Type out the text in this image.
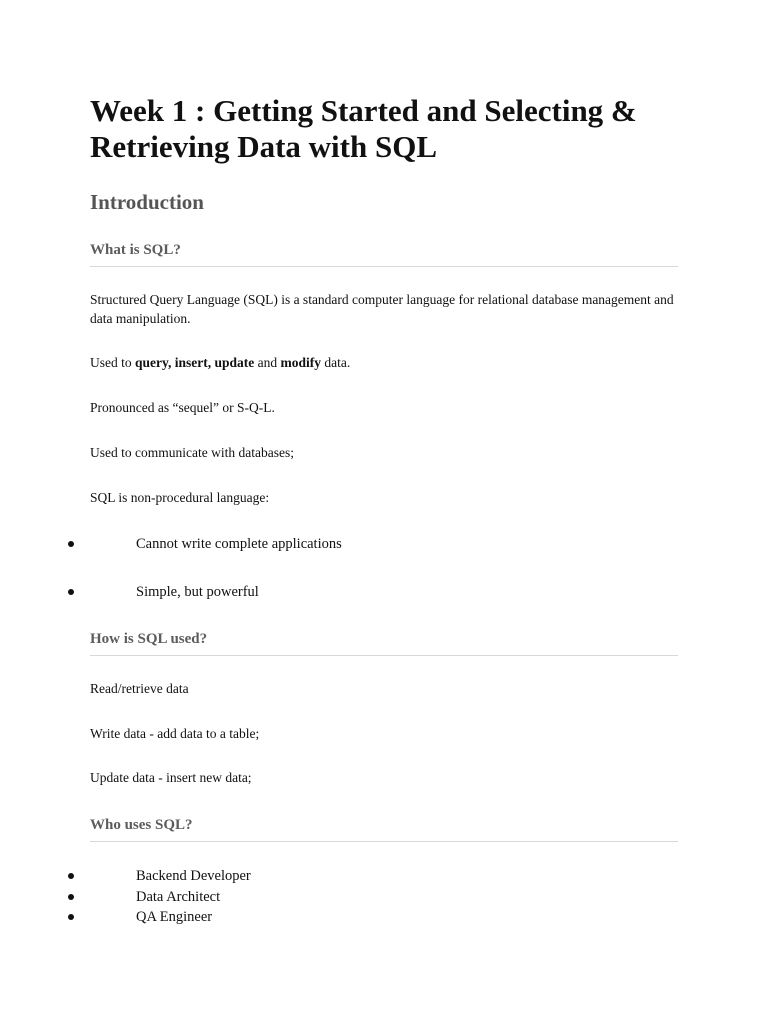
Week 1 : Getting Started and Selecting & Retrieving Data with SQL
Introduction
What is SQL?

Structured Query Language (SQL) is a standard computer language for relational database management and data manipulation.

Used to query, insert, update and modify data.

Pronounced as “sequel” or S-Q-L.

Used to communicate with databases;

SQL is non-procedural language:

Cannot write complete applications

Simple, but powerful

How is SQL used?

Read/retrieve data

Write data - add data to a table;

Update data - insert new data;

Who uses SQL?

Backend Developer

Data Architect

QA Engineer
